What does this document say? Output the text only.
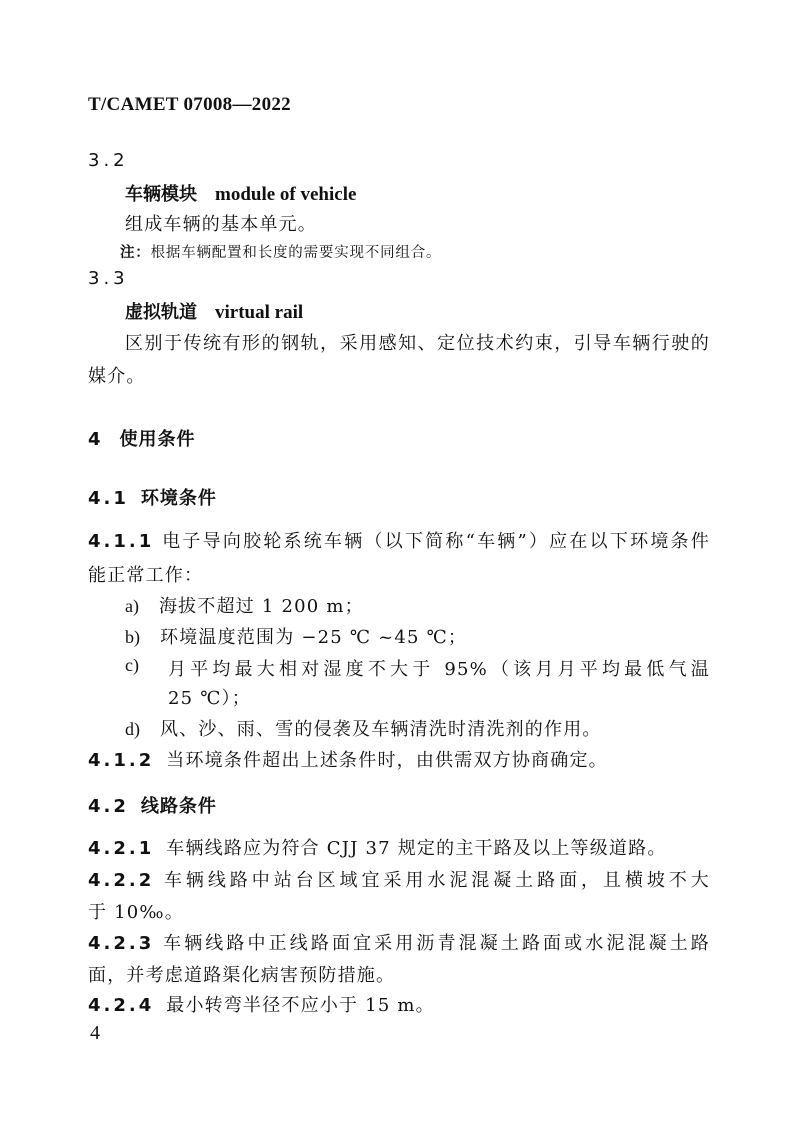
T/CAMET 07008—2022
3.2
车辆模块 module of vehicle
组成车辆的基本单元。
注：根据车辆配置和长度的需要实现不同组合。
3.3
虚拟轨道 virtual rail
区别于传统有形的钢轨，采用感知、定位技术约束，引导车辆行驶的
媒介。
4 使用条件
4.1 环境条件
4.1.1 电子导向胶轮系统车辆（以下简称“车辆”）应在以下环境条件
能正常工作：
a) 海拔不超过 1 200 m；
b) 环境温度范围为 −25 ℃ ~45 ℃；
c) 月平均最大相对湿度不大于 95%（该月月平均最低气温
25 ℃）；
d) 风、沙、雨、雪的侵袭及车辆清洗时清洗剂的作用。
4.1.2 当环境条件超出上述条件时，由供需双方协商确定。
4.2 线路条件
4.2.1 车辆线路应为符合 CJJ 37 规定的主干路及以上等级道路。
4.2.2 车辆线路中站台区域宜采用水泥混凝土路面，且横坡不大
于 10‰。
4.2.3 车辆线路中正线路面宜采用沥青混凝土路面或水泥混凝土路
面，并考虑道路渠化病害预防措施。
4.2.4 最小转弯半径不应小于 15 m。
4
